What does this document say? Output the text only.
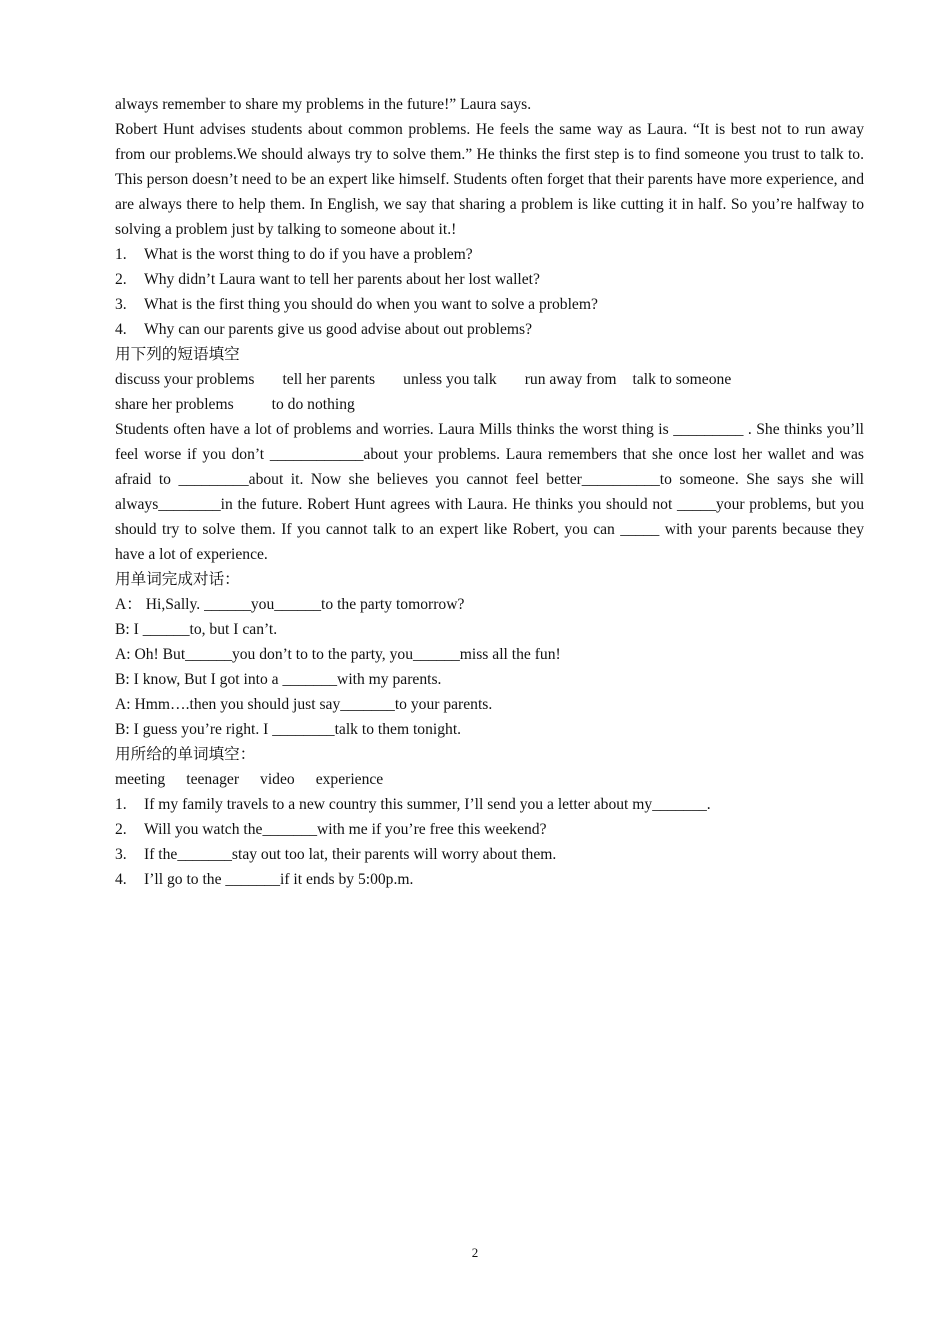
always remember to share my problems in the future!” Laura says.
Robert Hunt advises students about common problems. He feels the same way as Laura. “It is best not to run away from our problems.We should always try to solve them.” He thinks the first step is to find someone you trust to talk to. This person doesn’t need to be an expert like himself. Students often forget that their parents have more experience, and are always there to help them. In English, we say that sharing a problem is like cutting it in half. So you’re halfway to solving a problem just by talking to someone about it.!
1.	What is the worst thing to do if you have a problem?
2.	Why didn’t Laura want to tell her parents about her lost wallet?
3.	What is the first thing you should do when you want to solve a problem?
4.	Why can our parents give us good advise about out problems?
用下列的短语填空
discuss your problems tell her parents unless you talk run away from talk to someone
share her problems to do nothing
Students often have a lot of problems and worries. Laura Mills thinks the worst thing is _________ . She thinks you’ll feel worse if you don’t ____________about your problems. Laura remembers that she once lost her wallet and was afraid to _________about it. Now she believes you cannot feel better__________to someone. She says she will always________in the future. Robert Hunt agrees with Laura. He thinks you should not _____your problems, but you should try to solve them. If you cannot talk to an expert like Robert, you can _____ with your parents because they have a lot of experience.
用单词完成对话：
A： Hi,Sally. ______you______to the party tomorrow?
B: I ______to, but I can’t.
A: Oh! But______you don’t to to the party, you______miss all the fun!
B: I know, But I got into a _______with my parents.
A: Hmm….then you should just say_______to your parents.
B: I guess you’re right. I ________talk to them tonight.
用所给的单词填空：
meeting teenager video experience
1.	If my family travels to a new country this summer, I’ll send you a letter about my_______.
2.	Will you watch the_______with me if you’re free this weekend?
3.	If the_______stay out too lat, their parents will worry about them.
4.	I’ll go to the _______if it ends by 5:00p.m.
2
